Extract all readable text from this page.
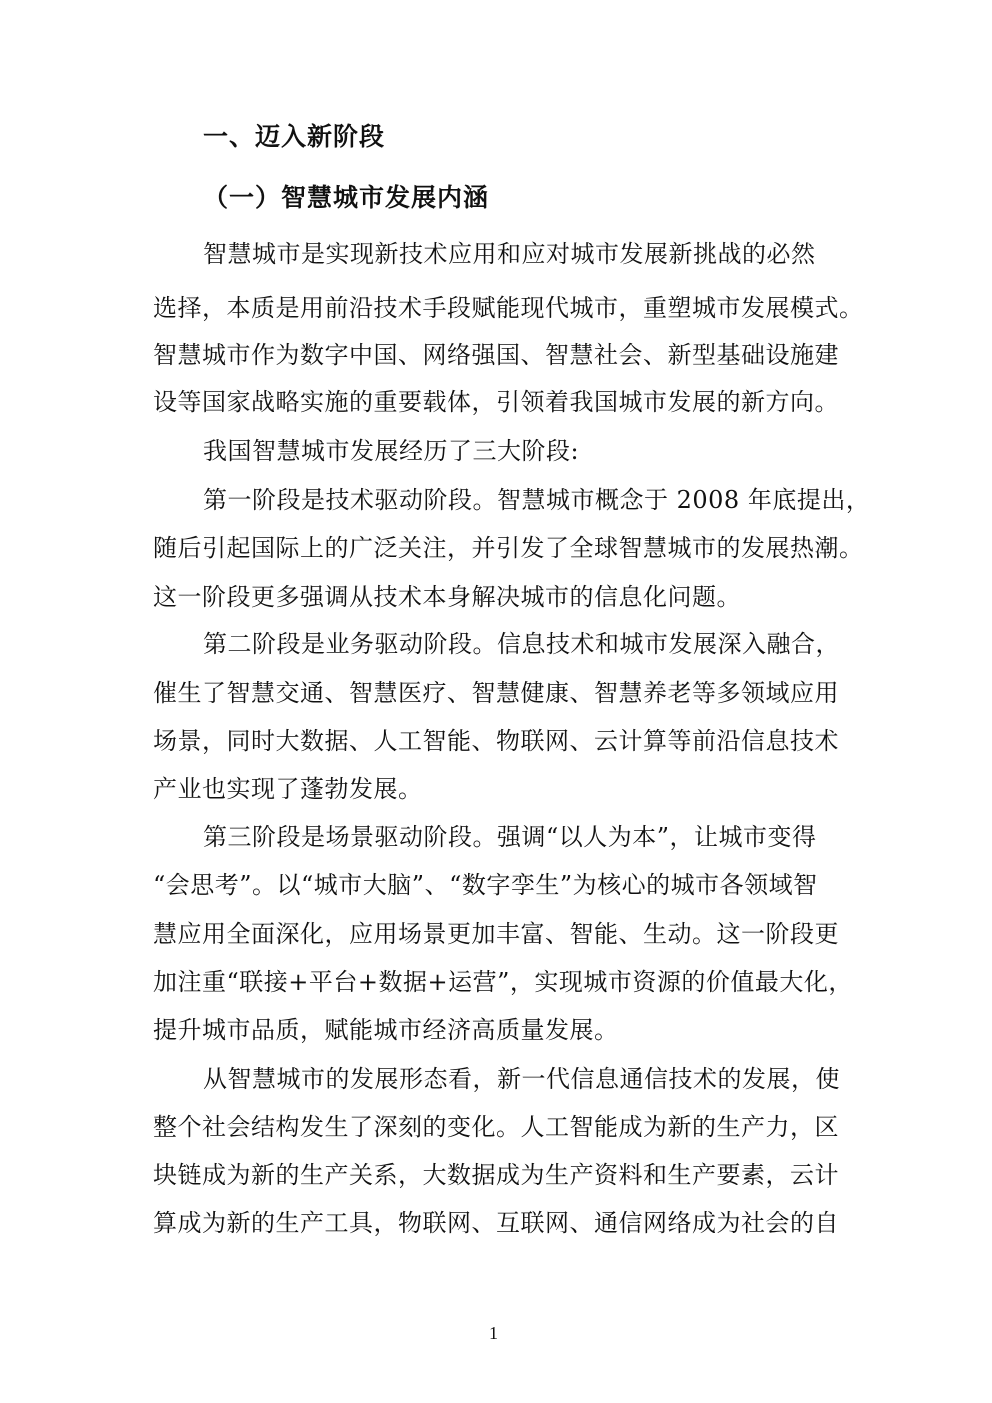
一、迈入新阶段
（一）智慧城市发展内涵
智慧城市是实现新技术应用和应对城市发展新挑战的必然
选择，本质是用前沿技术手段赋能现代城市，重塑城市发展模式。
智慧城市作为数字中国、网络强国、智慧社会、新型基础设施建
设等国家战略实施的重要载体，引领着我国城市发展的新方向。
我国智慧城市发展经历了三大阶段:
第一阶段是技术驱动阶段。智慧城市概念于 2008 年底提出，
随后引起国际上的广泛关注，并引发了全球智慧城市的发展热潮。
这一阶段更多强调从技术本身解决城市的信息化问题。
第二阶段是业务驱动阶段。信息技术和城市发展深入融合，
催生了智慧交通、智慧医疗、智慧健康、智慧养老等多领域应用
场景，同时大数据、人工智能、物联网、云计算等前沿信息技术
产业也实现了蓬勃发展。
第三阶段是场景驱动阶段。强调“以人为本”，让城市变得
“会思考”。以“城市大脑”、“数字孪生”为核心的城市各领域智
慧应用全面深化，应用场景更加丰富、智能、生动。这一阶段更
加注重“联接+平台+数据+运营”，实现城市资源的价值最大化，
提升城市品质，赋能城市经济高质量发展。
从智慧城市的发展形态看，新一代信息通信技术的发展，使
整个社会结构发生了深刻的变化。人工智能成为新的生产力，区
块链成为新的生产关系，大数据成为生产资料和生产要素，云计
算成为新的生产工具，物联网、互联网、通信网络成为社会的自
1
